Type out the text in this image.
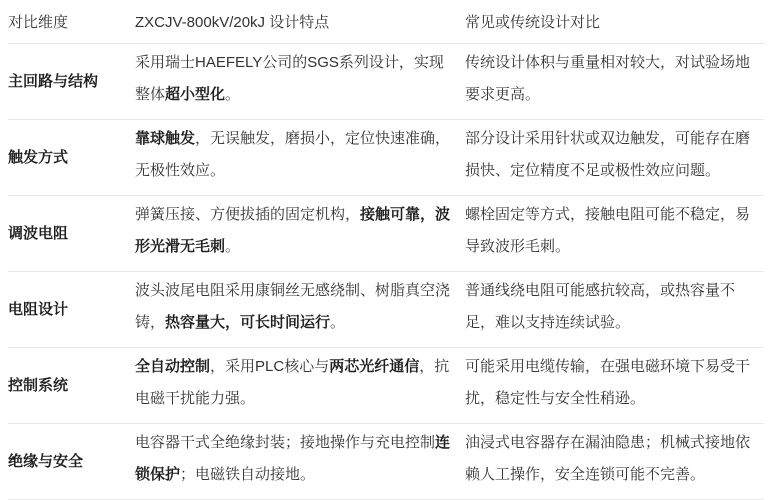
对比维度	ZXCJV-800kV/20kJ 设计特点	常见或传统设计对比
主回路与结构	采用瑞士HAEFELY公司的SGS系列设计，实现整体超小型化。	传统设计体积与重量相对较大，对试验场地要求更高。
触发方式	靠球触发，无误触发，磨损小，定位快速准确，无极性效应。	部分设计采用针状或双边触发，可能存在磨损快、定位精度不足或极性效应问题。
调波电阻	弹簧压接、方便拔插的固定机构，接触可靠，波形光滑无毛刺。	螺栓固定等方式，接触电阻可能不稳定，易导致波形毛刺。
电阻设计	波头波尾电阻采用康铜丝无感绕制、树脂真空浇铸，热容量大，可长时间运行。	普通线绕电阻可能感抗较高，或热容量不足，难以支持连续试验。
控制系统	全自动控制，采用PLC核心与两芯光纤通信，抗电磁干扰能力强。	可能采用电缆传输，在强电磁环境下易受干扰，稳定性与安全性稍逊。
绝缘与安全	电容器干式全绝缘封装；接地操作与充电控制连锁保护；电磁铁自动接地。	油浸式电容器存在漏油隐患；机械式接地依赖人工操作，安全连锁可能不完善。
